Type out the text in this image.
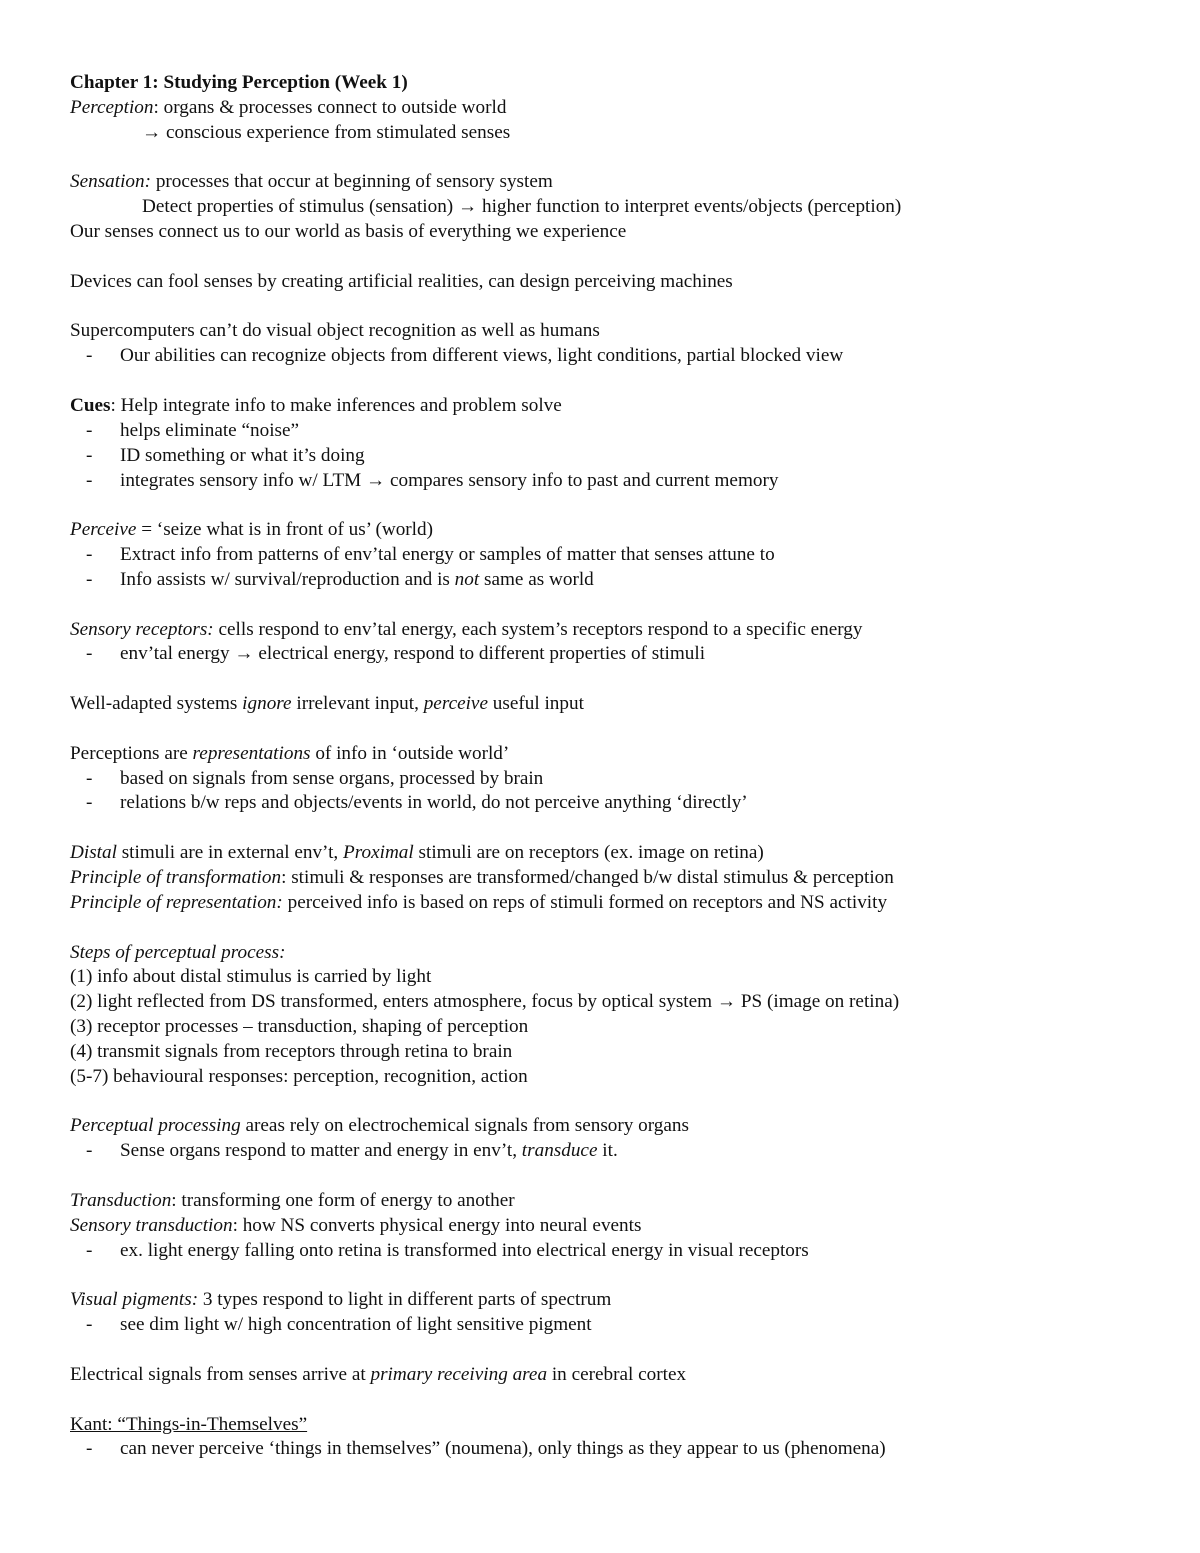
Chapter 1: Studying Perception (Week 1)
Perception: organs & processes connect to outside world
→ conscious experience from stimulated senses
Sensation: processes that occur at beginning of sensory system
Detect properties of stimulus (sensation) → higher function to interpret events/objects (perception)
Our senses connect us to our world as basis of everything we experience
Devices can fool senses by creating artificial realities, can design perceiving machines
Supercomputers can’t do visual object recognition as well as humans
- Our abilities can recognize objects from different views, light conditions, partial blocked view
Cues: Help integrate info to make inferences and problem solve
- helps eliminate “noise”
- ID something or what it’s doing
- integrates sensory info w/ LTM → compares sensory info to past and current memory
Perceive = ‘seize what is in front of us’ (world)
- Extract info from patterns of env’tal energy or samples of matter that senses attune to
- Info assists w/ survival/reproduction and is not same as world
Sensory receptors: cells respond to env’tal energy, each system’s receptors respond to a specific energy
- env’tal energy → electrical energy, respond to different properties of stimuli
Well-adapted systems ignore irrelevant input, perceive useful input
Perceptions are representations of info in ‘outside world’
- based on signals from sense organs, processed by brain
- relations b/w reps and objects/events in world, do not perceive anything ‘directly’
Distal stimuli are in external env’t, Proximal stimuli are on receptors (ex. image on retina)
Principle of transformation: stimuli & responses are transformed/changed b/w distal stimulus & perception
Principle of representation: perceived info is based on reps of stimuli formed on receptors and NS activity
Steps of perceptual process:
(1) info about distal stimulus is carried by light
(2) light reflected from DS transformed, enters atmosphere, focus by optical system → PS (image on retina)
(3) receptor processes – transduction, shaping of perception
(4) transmit signals from receptors through retina to brain
(5-7) behavioural responses: perception, recognition, action
Perceptual processing areas rely on electrochemical signals from sensory organs
- Sense organs respond to matter and energy in env’t, transduce it.
Transduction: transforming one form of energy to another
Sensory transduction: how NS converts physical energy into neural events
- ex. light energy falling onto retina is transformed into electrical energy in visual receptors
Visual pigments: 3 types respond to light in different parts of spectrum
- see dim light w/ high concentration of light sensitive pigment
Electrical signals from senses arrive at primary receiving area in cerebral cortex
Kant: “Things-in-Themselves”
- can never perceive ‘things in themselves” (noumena), only things as they appear to us (phenomena)
